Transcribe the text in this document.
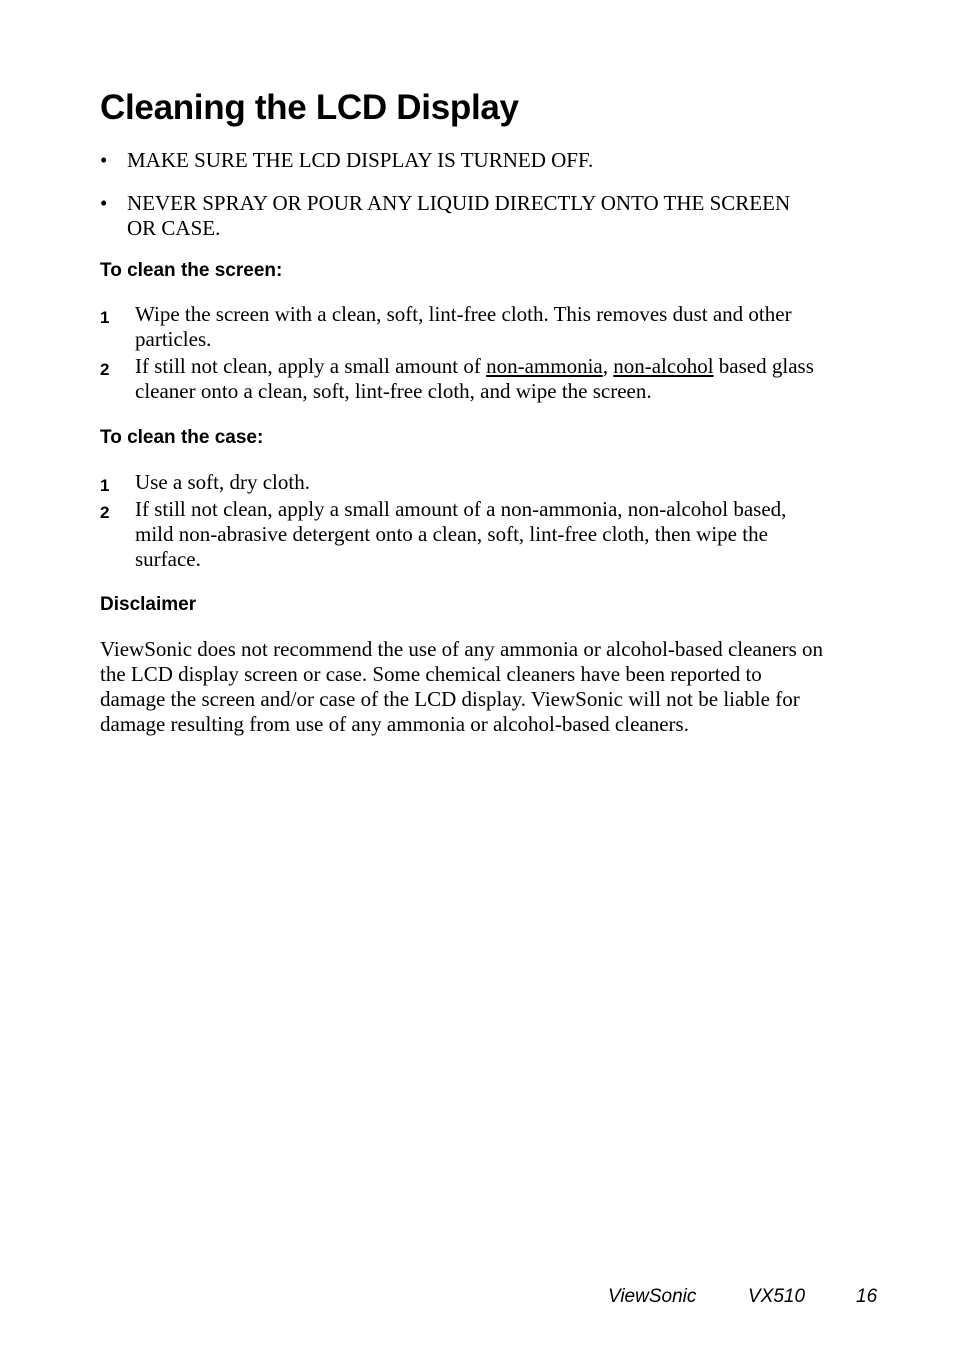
Cleaning the LCD Display
• MAKE SURE THE LCD DISPLAY IS TURNED OFF.
• NEVER SPRAY OR POUR ANY LIQUID DIRECTLY ONTO THE SCREEN OR CASE.
To clean the screen:
1 Wipe the screen with a clean, soft, lint-free cloth. This removes dust and other particles.
2 If still not clean, apply a small amount of non-ammonia, non-alcohol based glass cleaner onto a clean, soft, lint-free cloth, and wipe the screen.
To clean the case:
1 Use a soft, dry cloth.
2 If still not clean, apply a small amount of a non-ammonia, non-alcohol based, mild non-abrasive detergent onto a clean, soft, lint-free cloth, then wipe the surface.
Disclaimer

ViewSonic does not recommend the use of any ammonia or alcohol-based cleaners on the LCD display screen or case. Some chemical cleaners have been reported to damage the screen and/or case of the LCD display. ViewSonic will not be liable for damage resulting from use of any ammonia or alcohol-based cleaners.

ViewSonic	VX510	16
